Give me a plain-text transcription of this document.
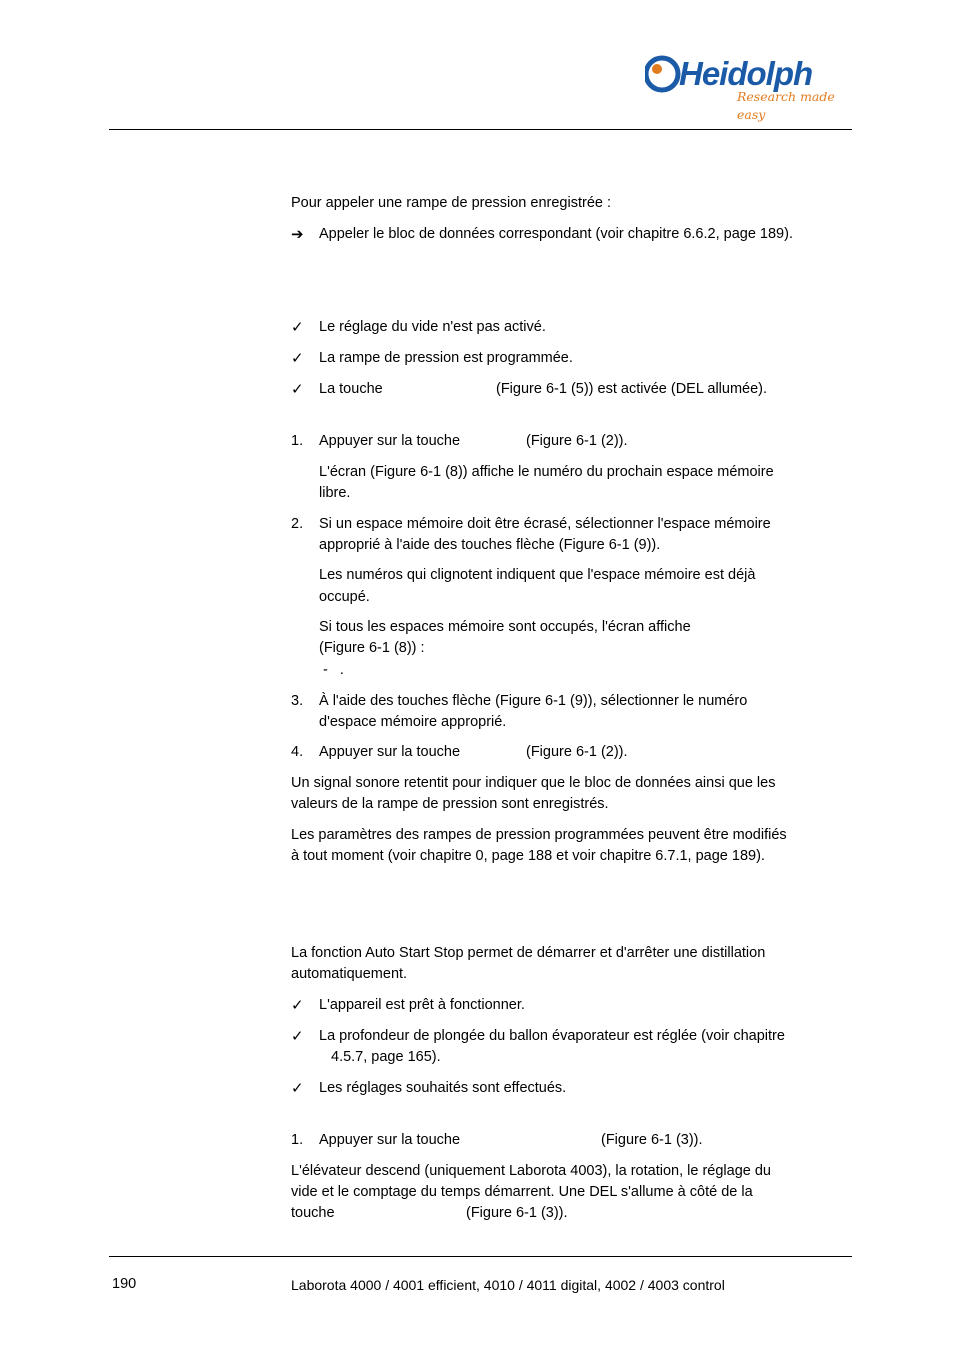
Heidolph
Research made easy
Pour appeler une rampe de pression enregistrée :
➔ Appeler le bloc de données correspondant (voir chapitre 6.6.2, page 189).
✓ Le réglage du vide n'est pas activé.
✓ La rampe de pression est programmée.
✓ La touche	(Figure 6-1 (5)) est activée (DEL allumée).
1. Appuyer sur la touche	(Figure 6-1 (2)).
L'écran (Figure 6-1 (8)) affiche le numéro du prochain espace mémoire
libre.
2. Si un espace mémoire doit être écrasé, sélectionner l'espace mémoire
approprié à l'aide des touches flèche (Figure 6-1 (9)).
Les numéros qui clignotent indiquent que l'espace mémoire est déjà
occupé.
Si tous les espaces mémoire sont occupés, l'écran affiche
(Figure 6-1 (8)) :
-   .
3. À l'aide des touches flèche (Figure 6-1 (9)), sélectionner le numéro
d'espace mémoire approprié.
4. Appuyer sur la touche	(Figure 6-1 (2)).
Un signal sonore retentit pour indiquer que le bloc de données ainsi que les
valeurs de la rampe de pression sont enregistrés.
Les paramètres des rampes de pression programmées peuvent être modifiés
à tout moment (voir chapitre 0, page 188 et voir chapitre 6.7.1, page 189).
La fonction Auto Start Stop permet de démarrer et d'arrêter une distillation
automatiquement.
✓ L'appareil est prêt à fonctionner.
✓ La profondeur de plongée du ballon évaporateur est réglée (voir chapitre
4.5.7, page 165).
✓ Les réglages souhaités sont effectués.
1. Appuyer sur la touche	(Figure 6-1 (3)).
L'élévateur descend (uniquement Laborota 4003), la rotation, le réglage du
vide et le comptage du temps démarrent. Une DEL s'allume à côté de la
touche	(Figure 6-1 (3)).
190	Laborota 4000 / 4001 efficient, 4010 / 4011 digital, 4002 / 4003 control
